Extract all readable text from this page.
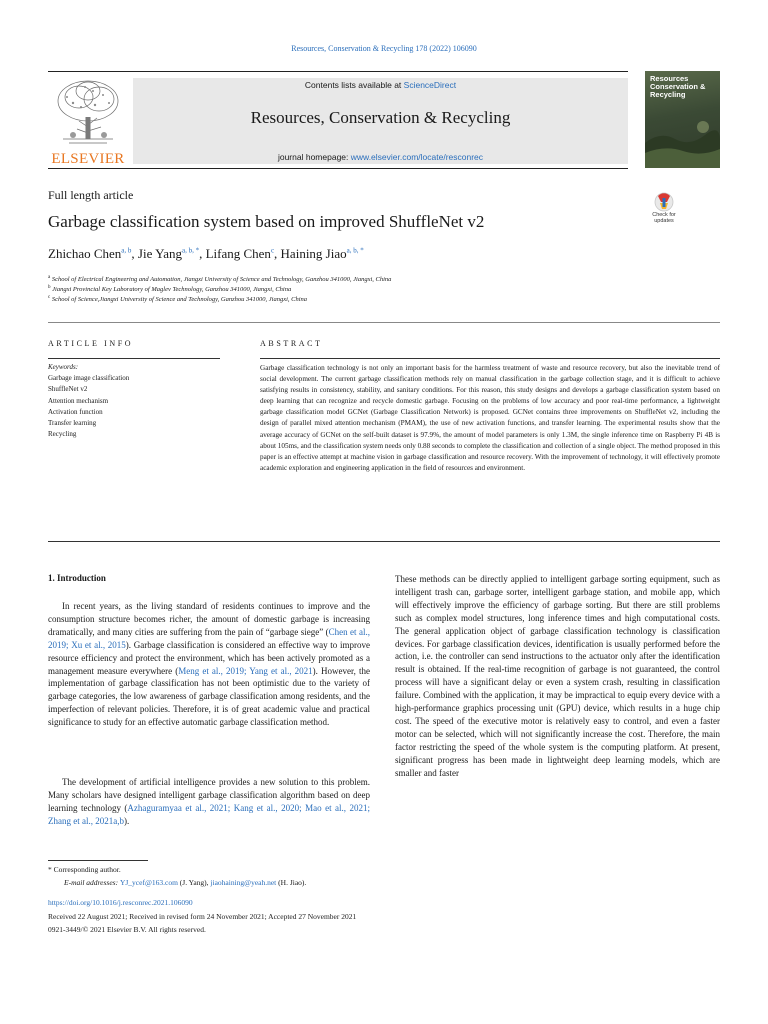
Resources, Conservation & Recycling 178 (2022) 106090
ELSEVIER
Contents lists available at ScienceDirect
Resources, Conservation & Recycling
journal homepage: www.elsevier.com/locate/resconrec
Resources Conservation & Recycling
Full length article
Garbage classification system based on improved ShuffleNet v2	Check for updates
Zhichao Chen$^{a, b}$, Jie Yang$^{a, b, *}$, Lifang Chen$^c$, Haining Jiao$^{a, b, *}$
$^a$ School of Electrical Engineering and Automation, Jiangxi University of Science and Technology, Ganzhou 341000, Jiangxi, China
$^b$ Jiangxi Provincial Key Laboratory of Maglev Technology, Ganzhou 341000, Jiangxi, China
$^c$ School of Science,Jiangxi University of Science and Technology, Ganzhou 341000, Jiangxi, China
ARTICLE INFO
Keywords:
Garbage image classification
ShuffleNet v2
Attention mechanism
Activation function
Transfer learning
Recycling
ABSTRACT

Garbage classification technology is not only an important basis for the harmless treatment of waste and resource recovery, but also the inevitable trend of social development. The current garbage classification methods rely on manual classification in the garbage collection stage, and it is difficult to achieve satisfying results in consistency, stability, and sanitary conditions. For this reason, this study designs and develops a garbage classification system based on deep learning that can recognize and recycle domestic garbage. Focusing on the problems of low accuracy and poor real-time performance, a lightweight garbage classification model GCNet (Garbage Classification Network) is proposed. GCNet contains three improvements on ShuffleNet v2, including the design of parallel mixed attention mechanism (PMAM), the use of new activation functions, and transfer learning. The experimental results show that the average accuracy of GCNet on the self-built dataset is 97.9%, the amount of model parameters is only 1.3M, the single inference time on Raspberry Pi 4B is about 105ms, and the classification system needs only 0.88 seconds to complete the classification and collection of a single object. The method proposed in this paper is an effective attempt at machine vision in garbage classification and resource recovery. With the improvement of technology, it will effectively promote academic exploration and engineering application in the field of resources and environment.

1. Introduction

In recent years, as the living standard of residents continues to improve and the consumption structure becomes richer, the amount of domestic garbage is increasing dramatically, and many cities are suffering from the pain of “garbage siege” (Chen et al., 2019; Xu et al., 2015). Garbage classification is considered an effective way to improve resource efficiency and protect the environment, which has been actively promoted as a management measure everywhere (Meng et al., 2019; Yang et al., 2021). However, the implementation of garbage classification has not been optimistic due to the variety of garbage categories, the low awareness of garbage classification among residents, and the imperfection of relevant policies. Therefore, it is of great academic value and practical significance to study for an effective automatic garbage classification method.

The development of artificial intelligence provides a new solution to this problem. Many scholars have designed intelligent garbage classification algorithm based on deep learning technology (Azhaguramyaa et al., 2021; Kang et al., 2020; Mao et al., 2021; Zhang et al., 2021a,b).

These methods can be directly applied to intelligent garbage sorting equipment, such as intelligent trash can, garbage sorter, intelligent garbage station, and mobile app, which will effectively improve the efficiency of garbage sorting. But there are still problems such as complex model structures, long inference times and high computational costs. The general application object of garbage classification technology is classification devices. For garbage classification devices, identification is usually performed before the action, i.e. the controller can send instructions to the actuator only after the identification result is obtained. If the real-time recognition of garbage is not guaranteed, the control process will have a significant delay or even a system crash, resulting in classification failure. Combined with the application, it may be impractical to equip every device with a high-performance graphics processing unit (GPU) device, which results in a huge chip cost. The speed of the executive motor is relatively easy to control, and even a faster motor can be selected, which will not significantly increase the cost. Therefore, the main factor restricting the speed of the whole system is the computing platform. At present, significant progress has been made in lightweight deep learning models, which are smaller and faster

* Corresponding author.
E-mail addresses: YJ_ycef@163.com (J. Yang), jiaohaining@yeah.net (H. Jiao).
https://doi.org/10.1016/j.resconrec.2021.106090
Received 22 August 2021; Received in revised form 24 November 2021; Accepted 27 November 2021
0921-3449/© 2021 Elsevier B.V. All rights reserved.
